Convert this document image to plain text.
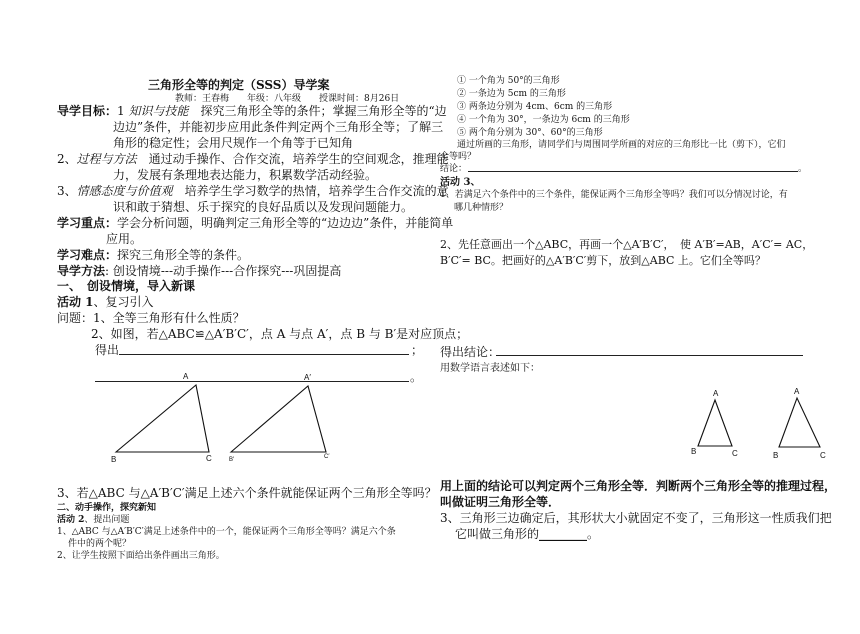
三角形全等的判定（SSS）导学案
教师：王春梅　　年级：八年级　　授课时间：8月26日
导学目标：1 知识与技能　 探究三角形全等的条件；掌握三角形全等的“边
边边”条件，并能初步应用此条件判定两个三角形全等；了解三
角形的稳定性；会用尺规作一个角等于已知角
2、过程与方法　 通过动手操作、合作交流，培养学生的空间观念，推理能
力，发展有条理地表达能力，积累数学活动经验。
3、情感态度与价值观　 培养学生学习数学的热情，培养学生合作交流的意
识和敢于猜想、乐于探究的良好品质以及发现问题能力。
学习重点：学会分析问题，明确判定三角形全等的“边边边”条件，并能简单
应用。
学习难点：探究三角形全等的条件。
导学方法: 创设情境---动手操作---合作探究---巩固提高
一、　创设情境，导入新课
活动 1、复习引入
问题：1、全等三角形有什么性质？
2、如图，若△ABC≌△A′B′C′，点 A 与点 A′，点 B 与 B′是对应顶点；
得出	；
。
A
B	C
A′
B′	C′
3、若△ABC 与△A′B′C′满足上述六个条件就能保证两个三角形全等吗？
二、动手操作，探究新知
活动 2、提出问题
1、△ABC 与△A′B′C′满足上述条件中的一个，能保证两个三角形全等吗？满足六个条
件中的两个呢？
2、让学生按照下面给出条件画出三角形。
① 一个角为 50°的三角形
② 一条边为 5cm 的三角形
③ 两条边分别为 4cm、6cm 的三角形
④ 一个角为 30°，一条边为 6cm 的三角形
⑤ 两个角分别为 30°、60°的三角形
通过所画的三角形，请同学们与周围同学所画的对应的三角形比一比（剪下），它们
全等吗？
结论：	。
活动 3、
1、若满足六个条件中的三个条件，能保证两个三角形全等吗？我们可以分情况讨论，有
哪几种情形？
2、先任意画出一个△ABC，再画一个△A′B′C′，　使 A′B′=AB，A′C′= AC，
B′C′= BC。把画好的△A′B′C′剪下，放到△ABC 上。它们全等吗？
得出结论：
用数学语言表述如下：
A
B	C
A
B	C
用上面的结论可以判定两个三角形全等．判断两个三角形全等的推理过程，
叫做证明三角形全等．
3、三角形三边确定后，其形状大小就固定不变了，三角形这一性质我们把
它叫做三角形的________。
